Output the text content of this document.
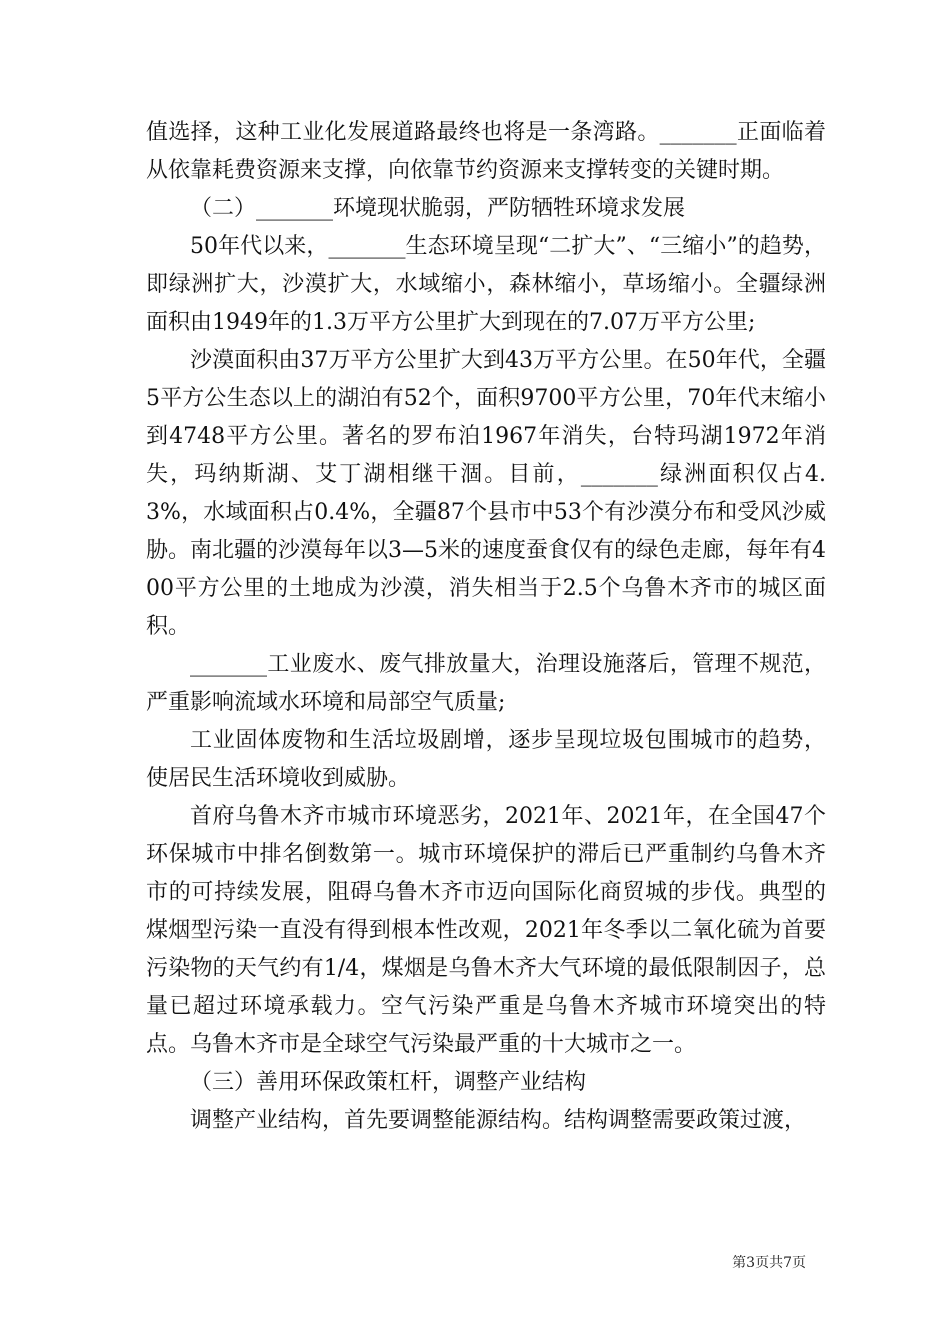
值选择，这种工业化发展道路最终也将是一条湾路。_______正面临着从依靠耗费资源来支撑，向依靠节约资源来支撑转变的关键时期。

（二）_______环境现状脆弱，严防牺牲环境求发展

50年代以来，_______生态环境呈现“二扩大”、“三缩小”的趋势，即绿洲扩大，沙漠扩大，水域缩小，森林缩小，草场缩小。全疆绿洲面积由1949年的1.3万平方公里扩大到现在的7.07万平方公里;

沙漠面积由37万平方公里扩大到43万平方公里。在50年代，全疆5平方公生态以上的湖泊有52个，面积9700平方公里，70年代末缩小到4748平方公里。著名的罗布泊1967年消失，台特玛湖1972年消失，玛纳斯湖、艾丁湖相继干涸。目前，_______绿洲面积仅占4.3%，水域面积占0.4%，全疆87个县市中53个有沙漠分布和受风沙威胁。南北疆的沙漠每年以3—5米的速度蚕食仅有的绿色走廊，每年有400平方公里的土地成为沙漠，消失相当于2.5个乌鲁木齐市的城区面积。

_______工业废水、废气排放量大，治理设施落后，管理不规范，严重影响流域水环境和局部空气质量;

工业固体废物和生活垃圾剧增，逐步呈现垃圾包围城市的趋势，使居民生活环境收到威胁。

首府乌鲁木齐市城市环境恶劣，2021年、2021年，在全国47个环保城市中排名倒数第一。城市环境保护的滞后已严重制约乌鲁木齐市的可持续发展，阻碍乌鲁木齐市迈向国际化商贸城的步伐。典型的煤烟型污染一直没有得到根本性改观，2021年冬季以二氧化硫为首要污染物的天气约有1/4，煤烟是乌鲁木齐大气环境的最低限制因子，总量已超过环境承载力。空气污染严重是乌鲁木齐城市环境突出的特点。乌鲁木齐市是全球空气污染最严重的十大城市之一。

（三）善用环保政策杠杆，调整产业结构

调整产业结构，首先要调整能源结构。结构调整需要政策过渡，

第3页共7页
